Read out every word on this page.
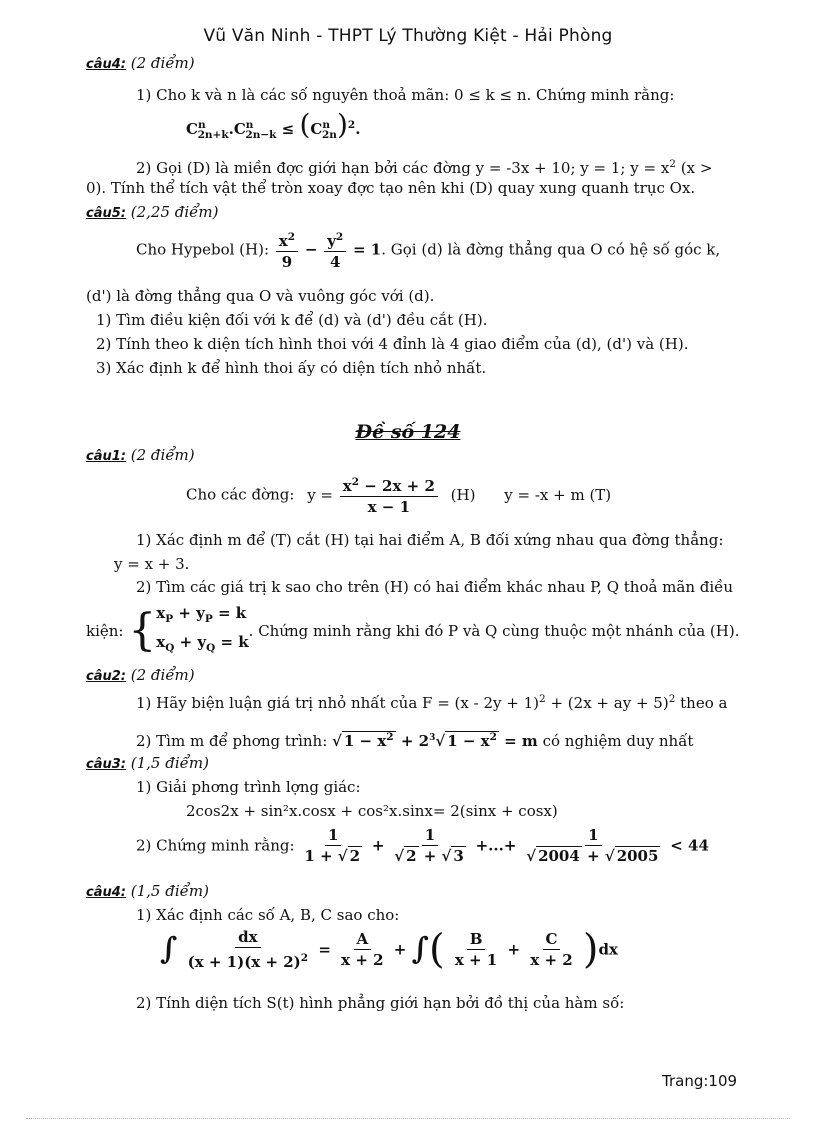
Vũ Văn Ninh - THPT Lý Thường Kiệt - Hải Phòng
câu4: (2 điểm)
1) Cho k và n là các số nguyên thoả mãn: 0 ≤ k ≤ n. Chứng minh rằng:
$C^n_{2n+k}.C^n_{2n-k} \le (C^n_{2n})^2$.
2) Gọi (D) là miền đợc giới hạn bởi các đờng y = -3x + 10; y = 1; $y = x^2$ (x >
0). Tính thể tích vật thể tròn xoay đợc tạo nên khi (D) quay xung quanh trục Ox.
câu5: (2,25 điểm)
Cho Hypebol (H): $\frac{x^2}{9} - \frac{y^2}{4} = 1$. Gọi (d) là đờng thẳng qua O có hệ số góc k,
(d') là đờng thẳng qua O và vuông góc với (d).
1) Tìm điều kiện đối với k để (d) và (d') đều cắt (H).
2) Tính theo k diện tích hình thoi với 4 đỉnh là 4 giao điểm của (d), (d') và (H).
3) Xác định k để hình thoi ấy có diện tích nhỏ nhất.
Đề số 124
câu1: (2 điểm)
Cho các đờng: $y = \frac{x^2 - 2x + 2}{x - 1} (H) y = -x + m$ (T)
1) Xác định m để (T) cắt (H) tại hai điểm A, B đối xứng nhau qua đờng thẳng:
y = x + 3.
2) Tìm các giá trị k sao cho trên (H) có hai điểm khác nhau P, Q thoả mãn điều
kiện: { $x_P + y_P = k$
$x_Q + y_Q = k$
. Chứng minh rằng khi đó P và Q cùng thuộc một nhánh của (H).
câu2: (2 điểm)
1) Hãy biện luận giá trị nhỏ nhất của $F = (x - 2y + 1)^2 + (2x$ + ay + 5)$^2$ theo a
2) Tìm m để phơng trình: √ $1 - x^2 + 2^3√$ $1 - x^2 = m$ có nghiệm duy nhất
câu3: (1,5 điểm)
1) Giải phơng trình lợng giác:
2cos2x + sin²x.cosx + cos²x.sinx= 2(sinx + cosx)
2) Chứng minh rằng: $\frac{1}{1 + √ 2} + \frac{1}{√ 2 + √ 3}$ +...+ $\frac{1}{√ 2004 + √ 2005} < 44$
câu4: (1,5 điểm)
1) Xác định các số A, B, C sao cho:
∫ $\frac{dx}{(x + 1)(x + 2)^2} = \frac{A}{x + 2}$ + ∫( $\frac{B}{x + 1} + \frac{C}{x + 2} )dx$
2) Tính diện tích S(t) hình phẳng giới hạn bởi đồ thị của hàm số:
Trang:109
